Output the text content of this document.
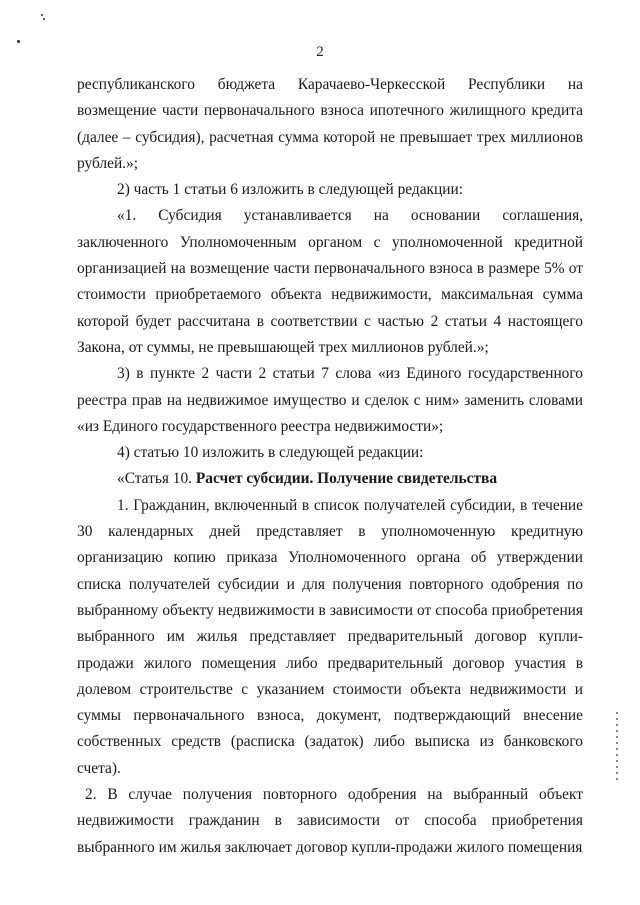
2

республиканского бюджета Карачаево-Черкесской Республики на возмещение части первоначального взноса ипотечного жилищного кредита (далее – субсидия), расчетная сумма которой не превышает трех миллионов рублей.»;

2) часть 1 статьи 6 изложить в следующей редакции:

«1. Субсидия устанавливается на основании соглашения, заключенного Уполномоченным органом с уполномоченной кредитной организацией на возмещение части первоначального взноса в размере 5% от стоимости приобретаемого объекта недвижимости, максимальная сумма которой будет рассчитана в соответствии с частью 2 статьи 4 настоящего Закона, от суммы, не превышающей трех миллионов рублей.»;

3) в пункте 2 части 2 статьи 7 слова «из Единого государственного реестра прав на недвижимое имущество и сделок с ним» заменить словами «из Единого государственного реестра недвижимости»;

4) статью 10 изложить в следующей редакции:

«Статья 10. Расчет субсидии. Получение свидетельства

1. Гражданин, включенный в список получателей субсидии, в течение 30 календарных дней представляет в уполномоченную кредитную организацию копию приказа Уполномоченного органа об утверждении списка получателей субсидии и для получения повторного одобрения по выбранному объекту недвижимости в зависимости от способа приобретения выбранного им жилья представляет предварительный договор купли-продажи жилого помещения либо предварительный договор участия в долевом строительстве с указанием стоимости объекта недвижимости и суммы первоначального взноса, документ, подтверждающий внесение собственных средств (расписка (задаток) либо выписка из банковского счета).

2. В случае получения повторного одобрения на выбранный объект недвижимости гражданин в зависимости от способа приобретения выбранного им жилья заключает договор купли-продажи жилого помещения
